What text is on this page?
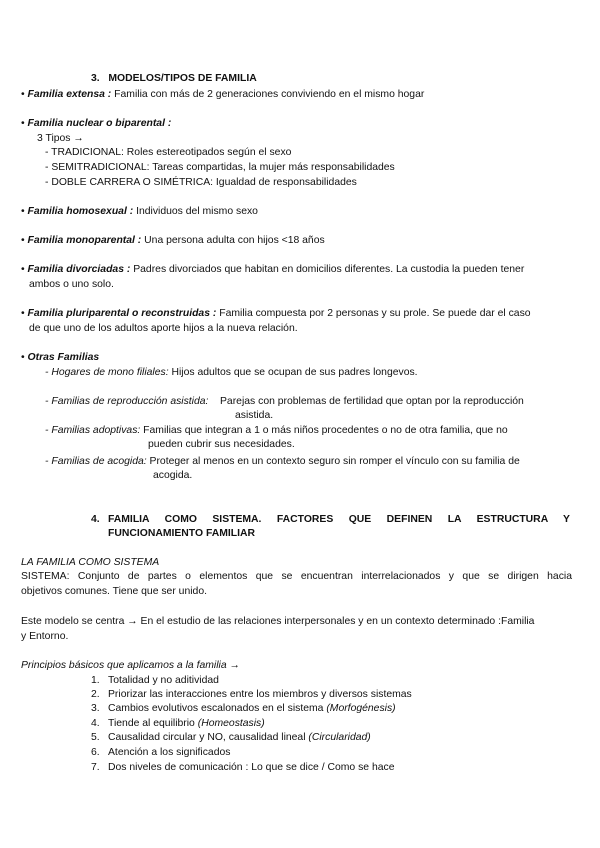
3. MODELOS/TIPOS DE FAMILIA
• Familia extensa : Familia con más de 2 generaciones conviviendo en el mismo hogar
• Familia nuclear o biparental :
3 Tipos →
- TRADICIONAL: Roles estereotipados según el sexo
- SEMITRADICIONAL: Tareas compartidas, la mujer más responsabilidades
- DOBLE CARRERA O SIMÉTRICA: Igualdad de responsabilidades
• Familia homosexual : Individuos del mismo sexo
• Familia monoparental : Una persona adulta con hijos <18 años
• Familia divorciadas : Padres divorciados que habitan en domicilios diferentes. La custodia la pueden tener
ambos o uno solo.
• Familia pluriparental o reconstruidas : Familia compuesta por 2 personas y su prole. Se puede dar el caso
de que uno de los adultos aporte hijos a la nueva relación.
• Otras Familias
- Hogares de mono filiales: Hijos adultos que se ocupan de sus padres longevos.
- Familias de reproducción asistida: Parejas con problemas de fertilidad que optan por la reproducción
asistida.
- Familias adoptivas: Familias que integran a 1 o más niños procedentes o no de otra familia, que no
pueden cubrir sus necesidades.
- Familias de acogida: Proteger al menos en un contexto seguro sin romper el vínculo con su familia de
acogida.
4. FAMILIA COMO SISTEMA. FACTORES QUE DEFINEN LA ESTRUCTURA Y
FUNCIONAMIENTO FAMILIAR
LA FAMILIA COMO SISTEMA
SISTEMA: Conjunto de partes o elementos que se encuentran interrelacionados y que se dirigen hacia
objetivos comunes. Tiene que ser unido.
Este modelo se centra → En el estudio de las relaciones interpersonales y en un contexto determinado :Familia
y Entorno.
Principios básicos que aplicamos a la familia →
1. Totalidad y no aditividad
2. Priorizar las interacciones entre los miembros y diversos sistemas
3. Cambios evolutivos escalonados en el sistema (Morfogénesis)
4. Tiende al equilibrio (Homeostasis)
5. Causalidad circular y NO, causalidad lineal (Circularidad)
6. Atención a los significados
7. Dos niveles de comunicación : Lo que se dice / Como se hace
